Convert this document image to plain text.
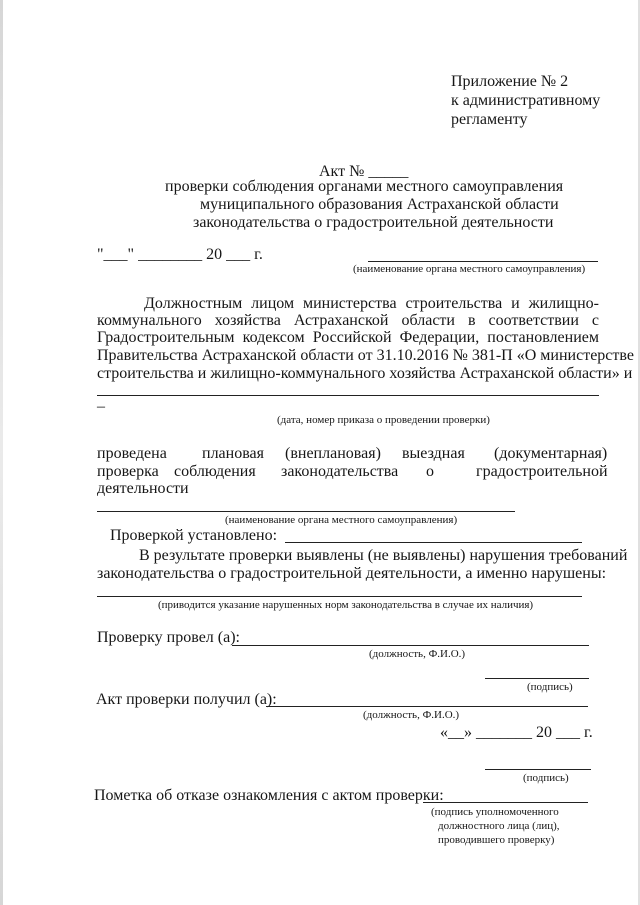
Приложение № 2
к административному
регламенту
Акт № _____
проверки соблюдения органами местного самоуправления
муниципального образования Астраханской области
законодательства о градостроительной деятельности
"___" ________ 20 ___ г.
(наименование органа местного самоуправления)
Должностным лицом министерства строительства и жилищно-
коммунального хозяйства Астраханской области в соответствии с
Градостроительным кодексом Российской Федерации, постановлением
Правительства Астраханской области от 31.10.2016 № 381-П «О министерстве
строительства и жилищно-коммунального хозяйства Астраханской области» и
–
(дата, номер приказа о проведении проверки)
проведена плановая (внеплановая) выездная (документарная)
проверка соблюдения законодательства о	градостроительной
деятельности
(наименование органа местного самоуправления)
Проверкой установлено:
В результате проверки выявлены (не выявлены) нарушения требований
законодательства о градостроительной деятельности, а именно нарушены:
(приводится указание нарушенных норм законодательства в случае их наличия)
Проверку провел (а):
(должность, Ф.И.О.)
(подпись)
Акт проверки получил (а):
(должность, Ф.И.О.)
«__» _______ 20 ___ г.
(подпись)
Пометка об отказе ознакомления с актом проверки:
(подпись уполномоченного
должностного лица (лиц),
проводившего проверку)
